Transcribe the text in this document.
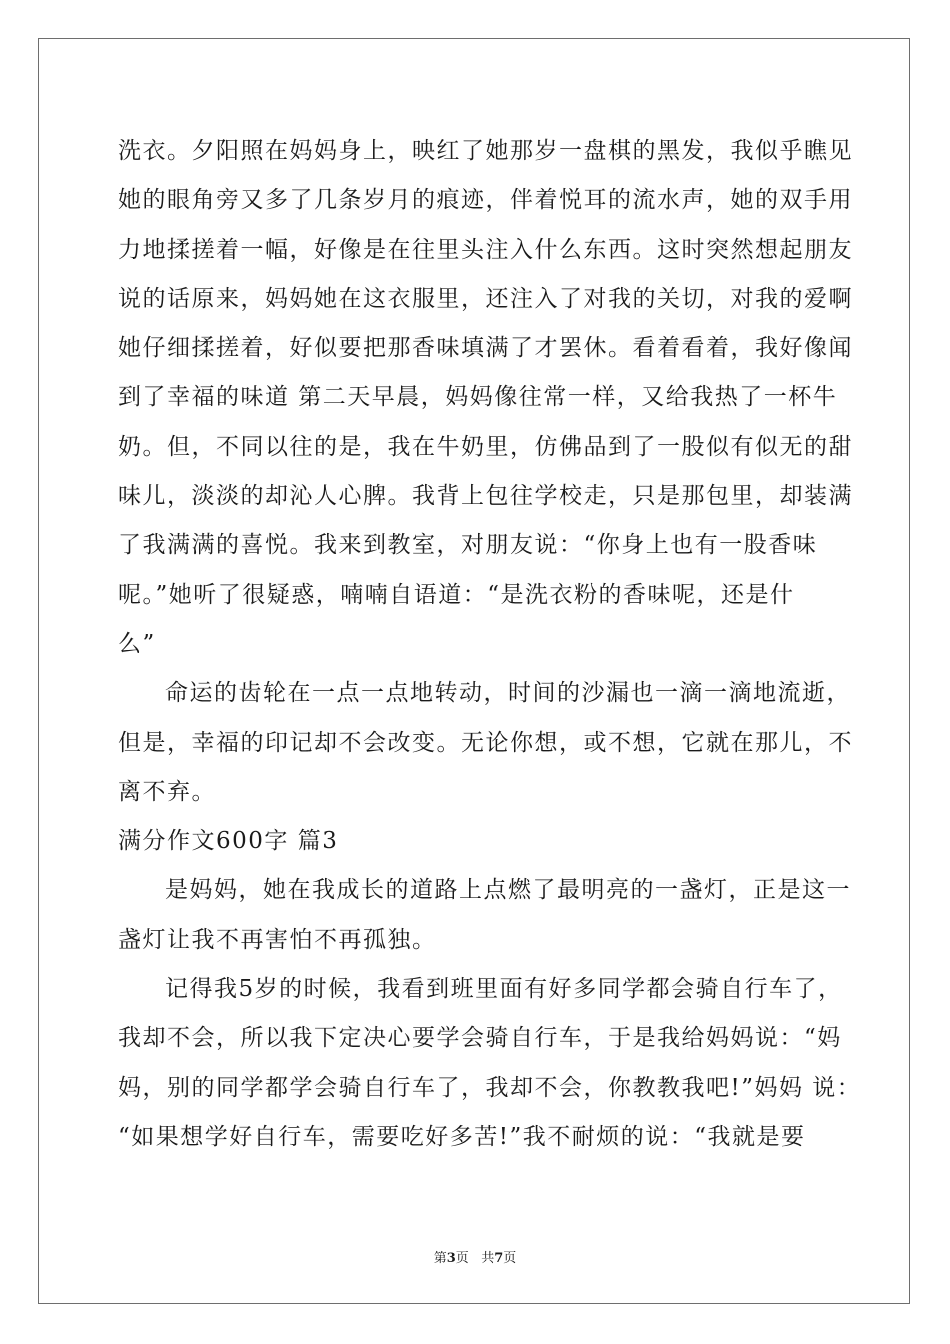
洗衣。夕阳照在妈妈身上，映红了她那岁一盘棋的黑发，我似乎瞧见
她的眼角旁又多了几条岁月的痕迹，伴着悦耳的流水声，她的双手用
力地揉搓着一幅，好像是在往里头注入什么东西。这时突然想起朋友
说的话原来，妈妈她在这衣服里，还注入了对我的关切，对我的爱啊
她仔细揉搓着，好似要把那香味填满了才罢休。看着看着，我好像闻
到了幸福的味道 第二天早晨，妈妈像往常一样，又给我热了一杯牛
奶。但，不同以往的是，我在牛奶里，仿佛品到了一股似有似无的甜
味儿，淡淡的却沁人心脾。我背上包往学校走，只是那包里，却装满
了我满满的喜悦。我来到教室，对朋友说：“你身上也有一股香味
呢。”她听了很疑惑，喃喃自语道：“是洗衣粉的香味呢，还是什
么”
命运的齿轮在一点一点地转动，时间的沙漏也一滴一滴地流逝，
但是，幸福的印记却不会改变。无论你想，或不想，它就在那儿，不
离不弃。
满分作文600字 篇3
是妈妈，她在我成长的道路上点燃了最明亮的一盏灯，正是这一
盏灯让我不再害怕不再孤独。
记得我5岁的时候，我看到班里面有好多同学都会骑自行车了，
我却不会，所以我下定决心要学会骑自行车，于是我给妈妈说：“妈
妈，别的同学都学会骑自行车了，我却不会，你教教我吧!”妈妈 说：
“如果想学好自行车，需要吃好多苦!”我不耐烦的说：“我就是要
第3页 共7页
